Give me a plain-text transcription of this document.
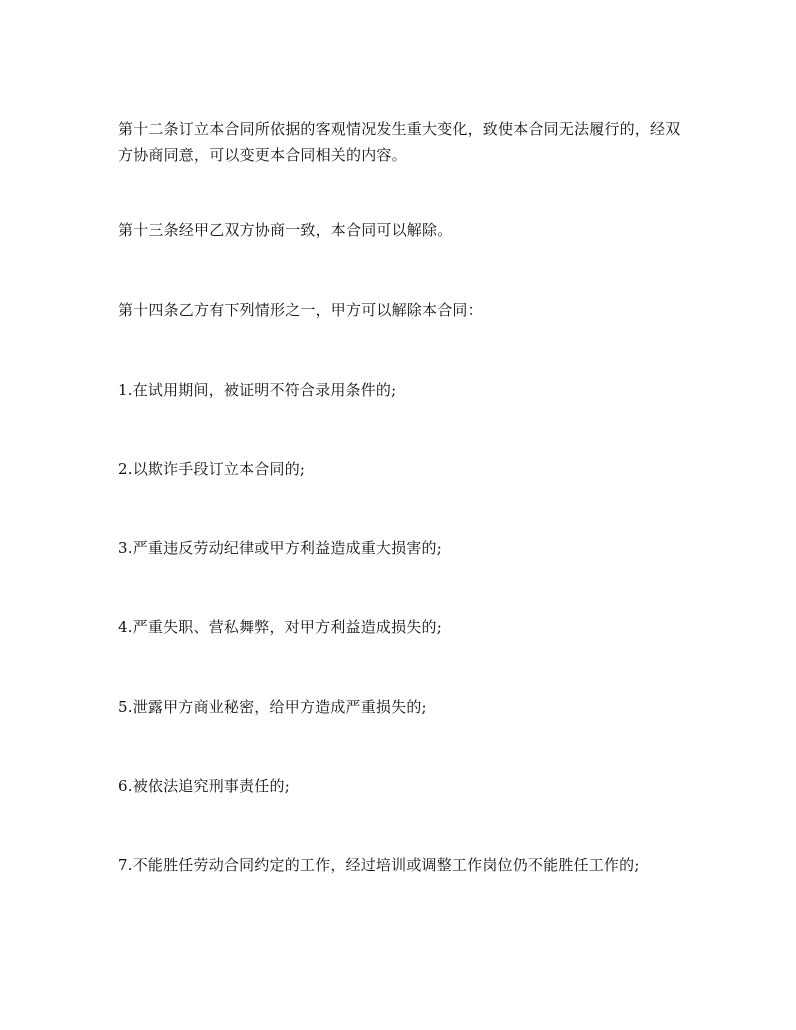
第十二条订立本合同所依据的客观情况发生重大变化，致使本合同无法履行的，经双方协商同意，可以变更本合同相关的内容。

第十三条经甲乙双方协商一致，本合同可以解除。

第十四条乙方有下列情形之一，甲方可以解除本合同：

1.在试用期间，被证明不符合录用条件的;

2.以欺诈手段订立本合同的;

3.严重违反劳动纪律或甲方利益造成重大损害的;

4.严重失职、营私舞弊，对甲方利益造成损失的;

5.泄露甲方商业秘密，给甲方造成严重损失的;

6.被依法追究刑事责任的;

7.不能胜任劳动合同约定的工作，经过培训或调整工作岗位仍不能胜任工作的;
